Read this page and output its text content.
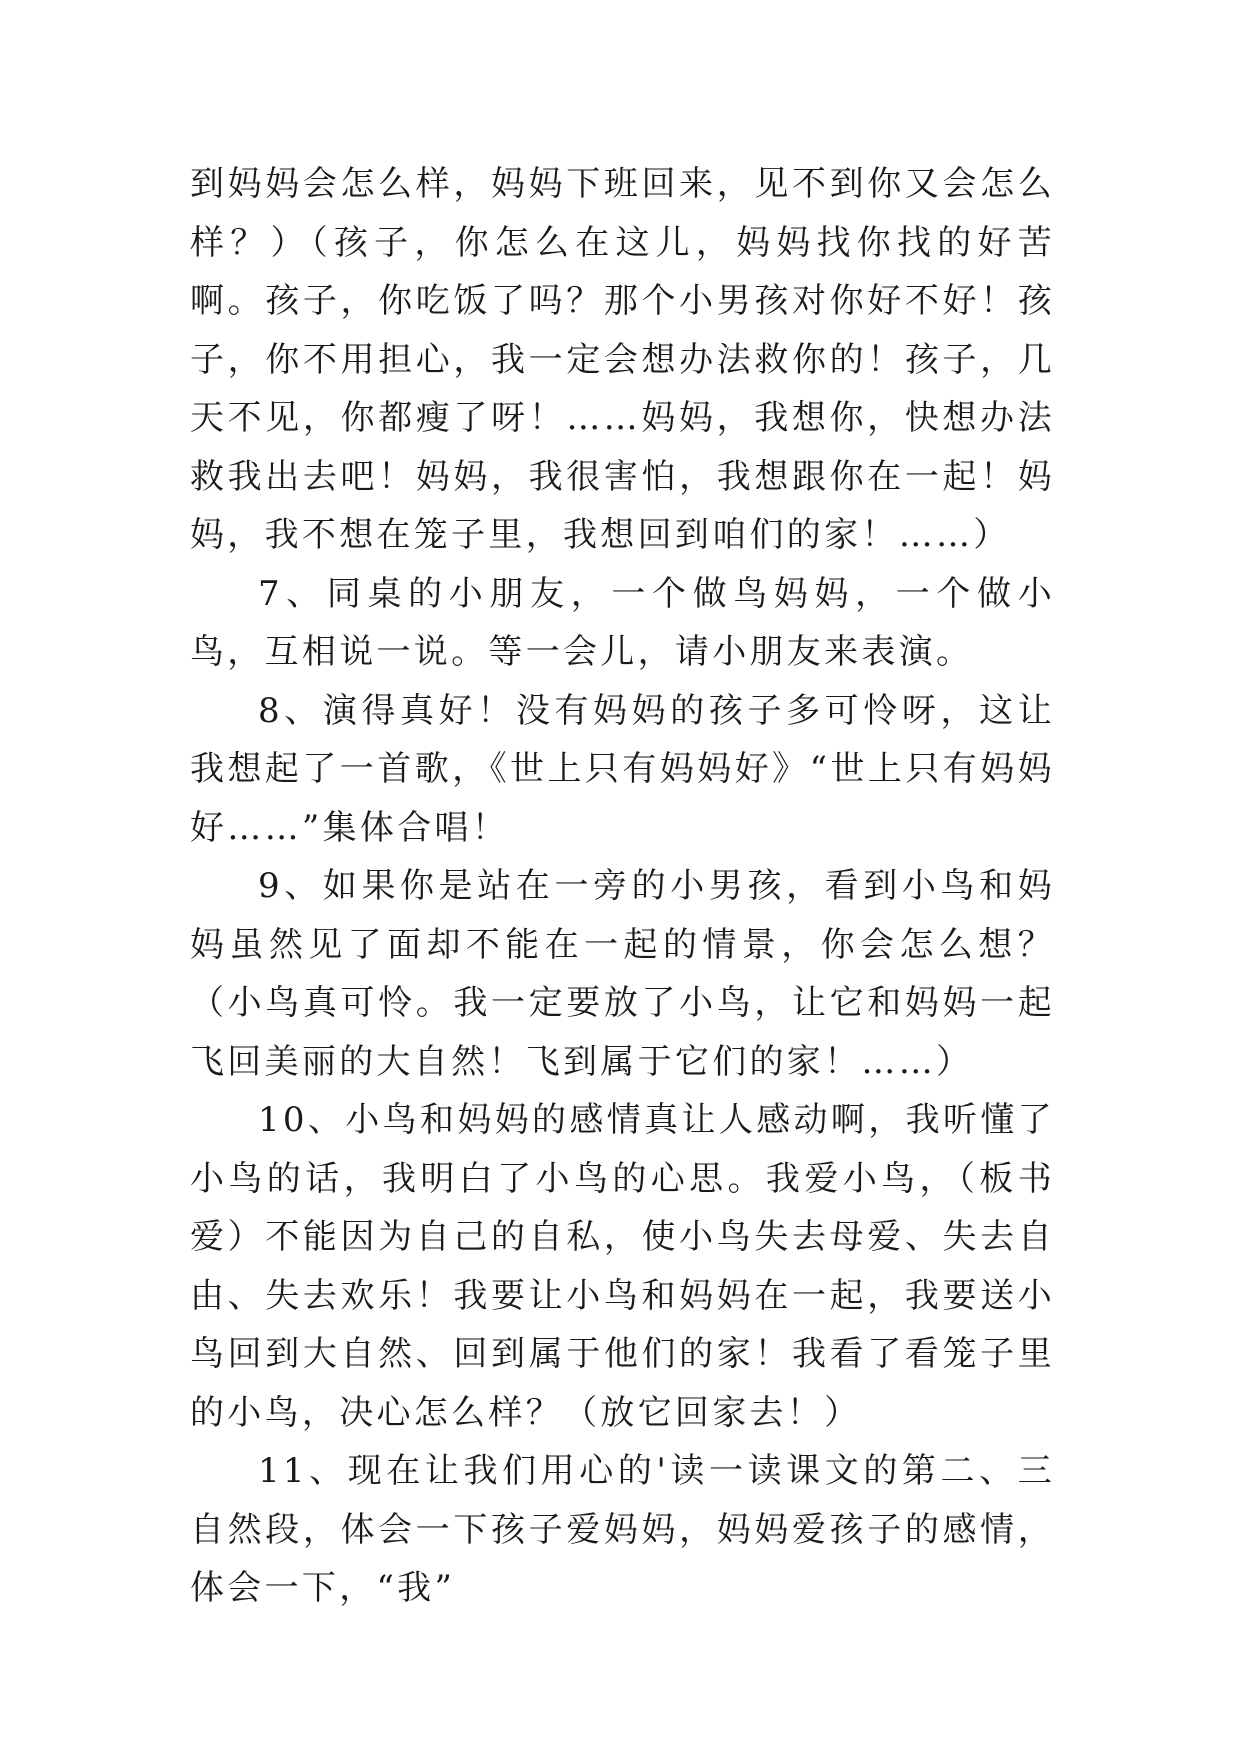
到妈妈会怎么样，妈妈下班回来，见不到你又会怎么样？）（孩子，你怎么在这儿，妈妈找你找的好苦啊。孩子，你吃饭了吗？那个小男孩对你好不好！孩子，你不用担心，我一定会想办法救你的！孩子，几天不见，你都瘦了呀！……妈妈，我想你，快想办法救我出去吧！妈妈，我很害怕，我想跟你在一起！妈妈，我不想在笼子里，我想回到咱们的家！……）

7、同桌的小朋友，一个做鸟妈妈，一个做小鸟，互相说一说。等一会儿，请小朋友来表演。

8、演得真好！没有妈妈的孩子多可怜呀，这让我想起了一首歌，《世上只有妈妈好》“世上只有妈妈好……”集体合唱！

9、如果你是站在一旁的小男孩，看到小鸟和妈妈虽然见了面却不能在一起的情景，你会怎么想？（小鸟真可怜。我一定要放了小鸟，让它和妈妈一起飞回美丽的大自然！飞到属于它们的家！……）

10、小鸟和妈妈的感情真让人感动啊，我听懂了小鸟的话，我明白了小鸟的心思。我爱小鸟，（板书爱）不能因为自己的自私，使小鸟失去母爱、失去自由、失去欢乐！我要让小鸟和妈妈在一起，我要送小鸟回到大自然、回到属于他们的家！我看了看笼子里的小鸟，决心怎么样？（放它回家去！）

11、现在让我们用心的'读一读课文的第二、三自然段，体会一下孩子爱妈妈，妈妈爱孩子的感情，体会一下，“我”
